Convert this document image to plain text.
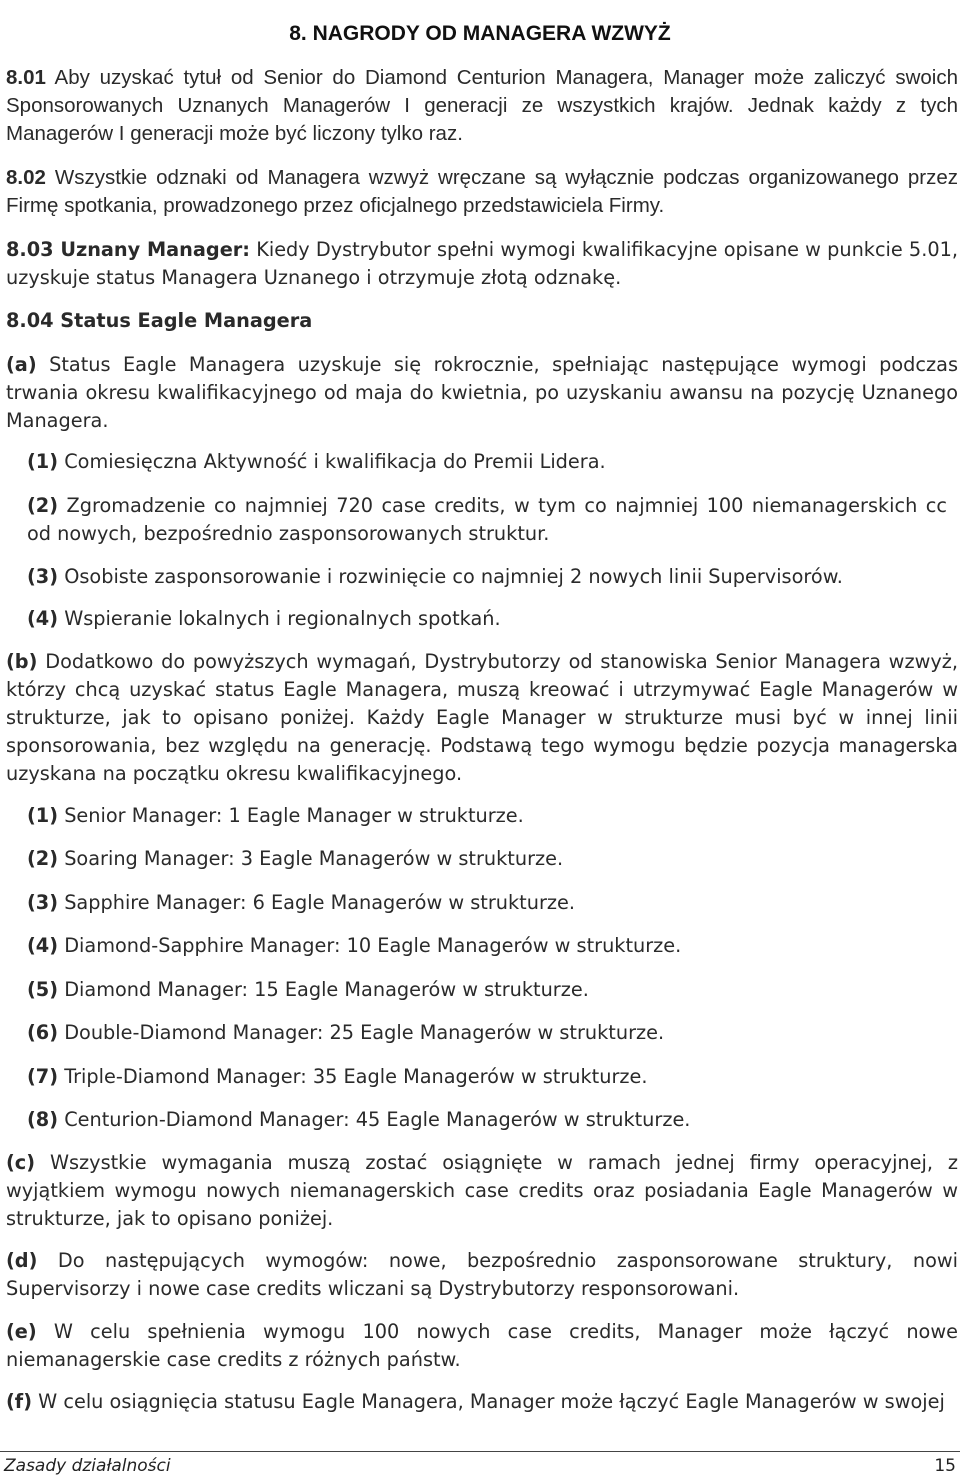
8. NAGRODY OD MANAGERA WZWYŻ

8.01 Aby uzyskać tytuł od Senior do Diamond Centurion Managera, Manager może zaliczyć swoich Sponsorowanych Uznanych Managerów I generacji ze wszystkich krajów. Jednak każdy z tych Managerów I generacji może być liczony tylko raz.

8.02 Wszystkie odznaki od Managera wzwyż wręczane są wyłącznie podczas organizowanego przez Firmę spotkania, prowadzonego przez oficjalnego przedstawiciela Firmy.

8.03 Uznany Manager: Kiedy Dystrybutor spełni wymogi kwalifikacyjne opisane w punkcie 5.01, uzyskuje status Managera Uznanego i otrzymuje złotą odznakę.

8.04 Status Eagle Managera

(a) Status Eagle Managera uzyskuje się rokrocznie, spełniając następujące wymogi podczas trwania okresu kwalifikacyjnego od maja do kwietnia, po uzyskaniu awansu na pozycję Uznanego Managera.

(1) Comiesięczna Aktywność i kwalifikacja do Premii Lidera.

(2) Zgromadzenie co najmniej 720 case credits, w tym co najmniej 100 niemanagerskich cc od nowych, bezpośrednio zasponsorowanych struktur.

(3) Osobiste zasponsorowanie i rozwinięcie co najmniej 2 nowych linii Supervisorów.

(4) Wspieranie lokalnych i regionalnych spotkań.

(b) Dodatkowo do powyższych wymagań, Dystrybutorzy od stanowiska Senior Managera wzwyż, którzy chcą uzyskać status Eagle Managera, muszą kreować i utrzymywać Eagle Managerów w strukturze, jak to opisano poniżej. Każdy Eagle Manager w strukturze musi być w innej linii sponsorowania, bez względu na generację. Podstawą tego wymogu będzie pozycja managerska uzyskana na początku okresu kwalifikacyjnego.

(1) Senior Manager: 1 Eagle Manager w strukturze.

(2) Soaring Manager: 3 Eagle Managerów w strukturze.

(3) Sapphire Manager: 6 Eagle Managerów w strukturze.

(4) Diamond-Sapphire Manager: 10 Eagle Managerów w strukturze.

(5) Diamond Manager: 15 Eagle Managerów w strukturze.

(6) Double-Diamond Manager: 25 Eagle Managerów w strukturze.

(7) Triple-Diamond Manager: 35 Eagle Managerów w strukturze.

(8) Centurion-Diamond Manager: 45 Eagle Managerów w strukturze.

(c) Wszystkie wymagania muszą zostać osiągnięte w ramach jednej firmy operacyjnej, z wyjątkiem wymogu nowych niemanagerskich case credits oraz posiadania Eagle Managerów w strukturze, jak to opisano poniżej.

(d) Do następujących wymogów: nowe, bezpośrednio zasponsorowane struktury, nowi Supervisorzy i nowe case credits wliczani są Dystrybutorzy responsorowani.

(e) W celu spełnienia wymogu 100 nowych case credits, Manager może łączyć nowe niemanagerskie case credits z różnych państw.

(f) W celu osiągnięcia statusu Eagle Managera, Manager może łączyć Eagle Managerów w swojej

Zasady działalności	15
